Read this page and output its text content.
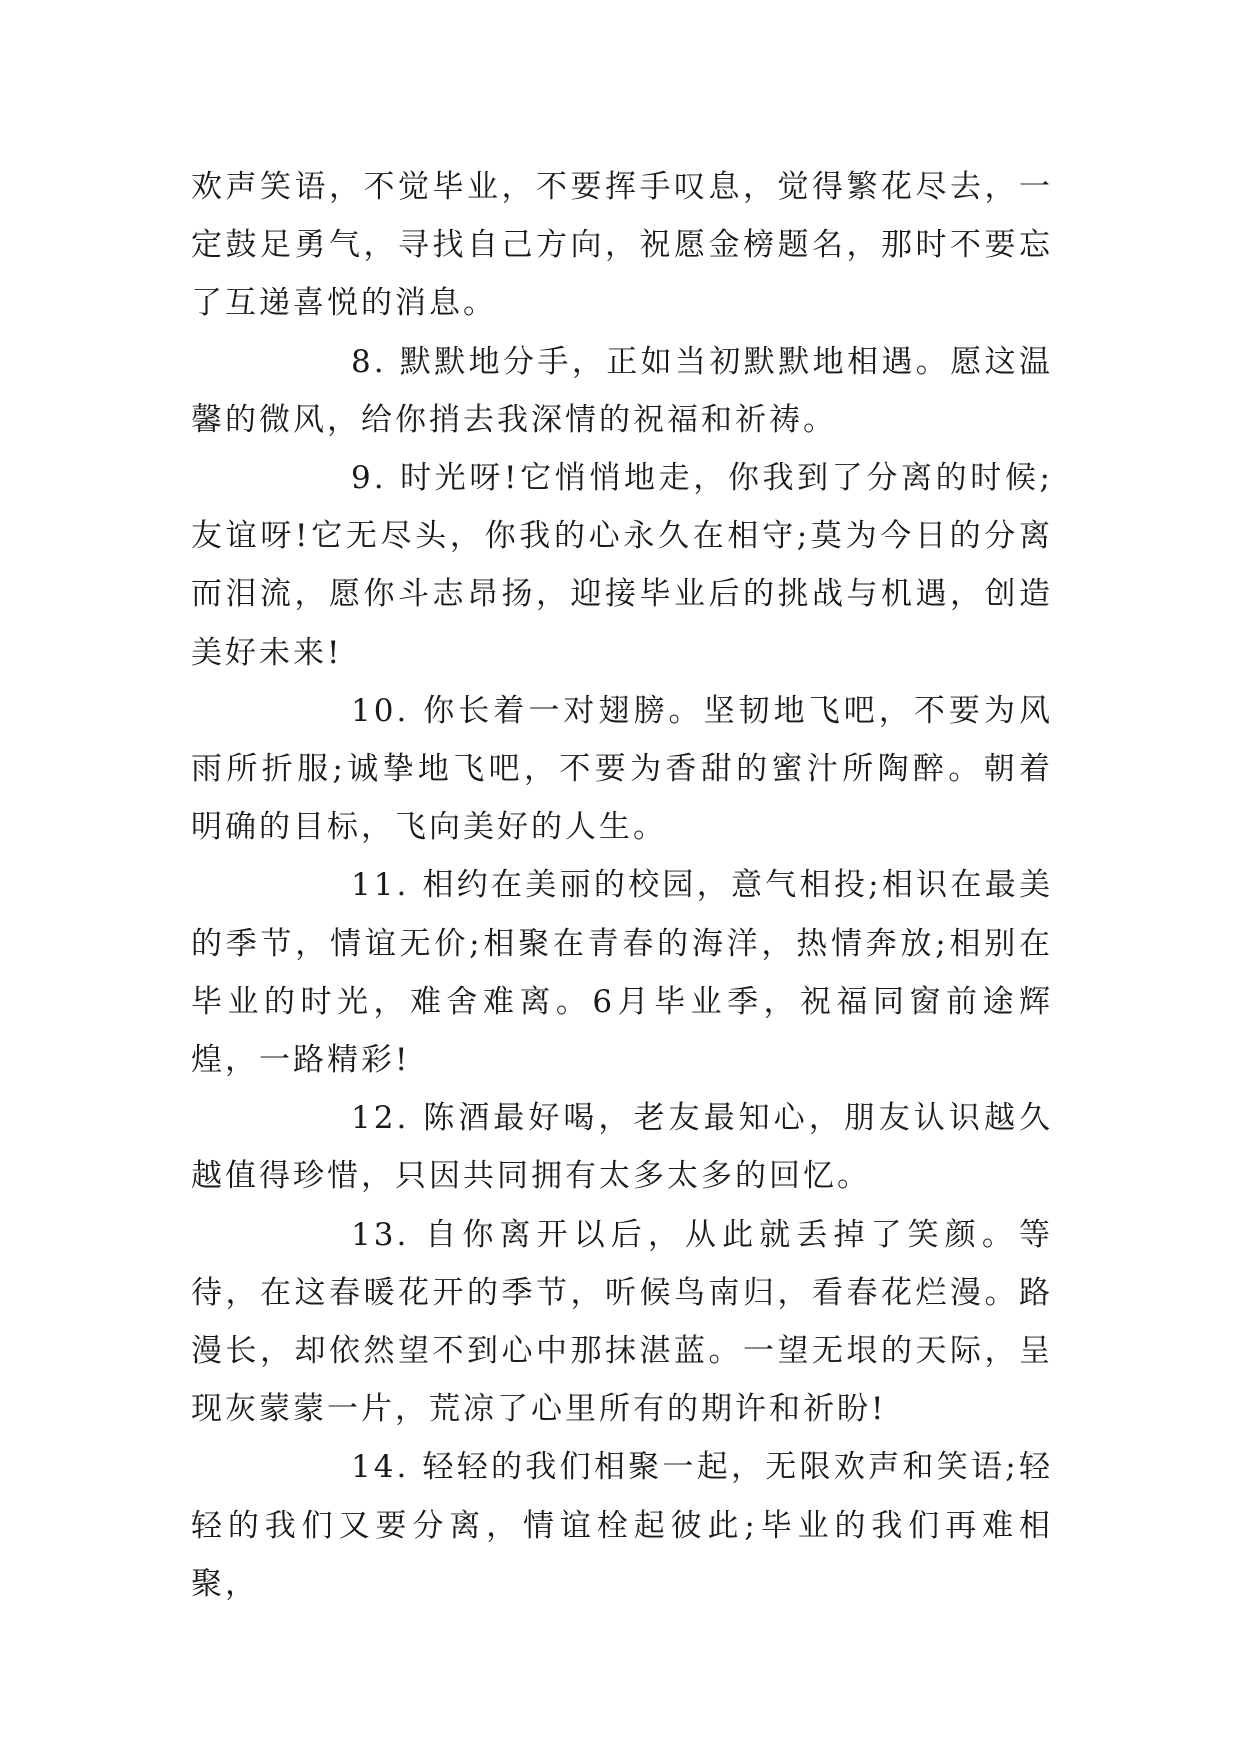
欢声笑语，不觉毕业，不要挥手叹息，觉得繁花尽去，一定鼓足勇气，寻找自己方向，祝愿金榜题名，那时不要忘了互递喜悦的消息。

8. 默默地分手，正如当初默默地相遇。愿这温馨的微风，给你捎去我深情的祝福和祈祷。

9. 时光呀!它悄悄地走，你我到了分离的时候;友谊呀!它无尽头，你我的心永久在相守;莫为今日的分离而泪流，愿你斗志昂扬，迎接毕业后的挑战与机遇，创造美好未来!

10. 你长着一对翅膀。坚韧地飞吧，不要为风雨所折服;诚挚地飞吧，不要为香甜的蜜汁所陶醉。朝着明确的目标，飞向美好的人生。

11. 相约在美丽的校园，意气相投;相识在最美的季节，情谊无价;相聚在青春的海洋，热情奔放;相别在毕业的时光，难舍难离。6月毕业季，祝福同窗前途辉煌，一路精彩!

12. 陈酒最好喝，老友最知心，朋友认识越久越值得珍惜，只因共同拥有太多太多的回忆。

13. 自你离开以后，从此就丢掉了笑颜。等待，在这春暖花开的季节，听候鸟南归，看春花烂漫。路漫长，却依然望不到心中那抹湛蓝。一望无垠的天际，呈现灰蒙蒙一片，荒凉了心里所有的期许和祈盼!

14. 轻轻的我们相聚一起，无限欢声和笑语;轻轻的我们又要分离，情谊栓起彼此;毕业的我们再难相聚，
